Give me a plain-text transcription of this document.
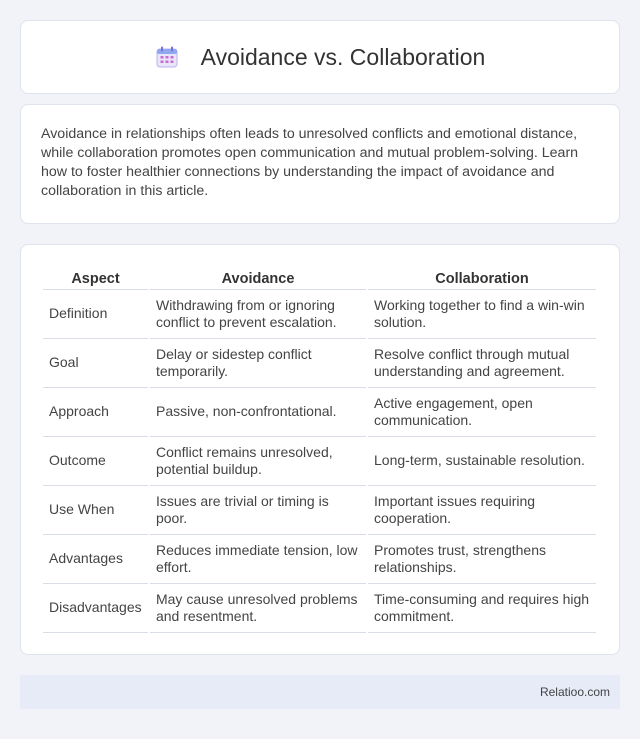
Avoidance vs. Collaboration

Avoidance in relationships often leads to unresolved conflicts and emotional distance, while collaboration promotes open communication and mutual problem-solving. Learn how to foster healthier connections by understanding the impact of avoidance and collaboration in this article.

Aspect	Avoidance	Collaboration
Definition	Withdrawing from or ignoring conflict to prevent escalation.	Working together to find a win-win solution.
Goal	Delay or sidestep conflict temporarily.	Resolve conflict through mutual understanding and agreement.
Approach	Passive, non-confrontational.	Active engagement, open communication.
Outcome	Conflict remains unresolved, potential buildup.	Long-term, sustainable resolution.
Use When	Issues are trivial or timing is poor.	Important issues requiring cooperation.
Advantages	Reduces immediate tension, low effort.	Promotes trust, strengthens relationships.
Disadvantages	May cause unresolved problems and resentment.	Time-consuming and requires high commitment.
Relatioo.com
